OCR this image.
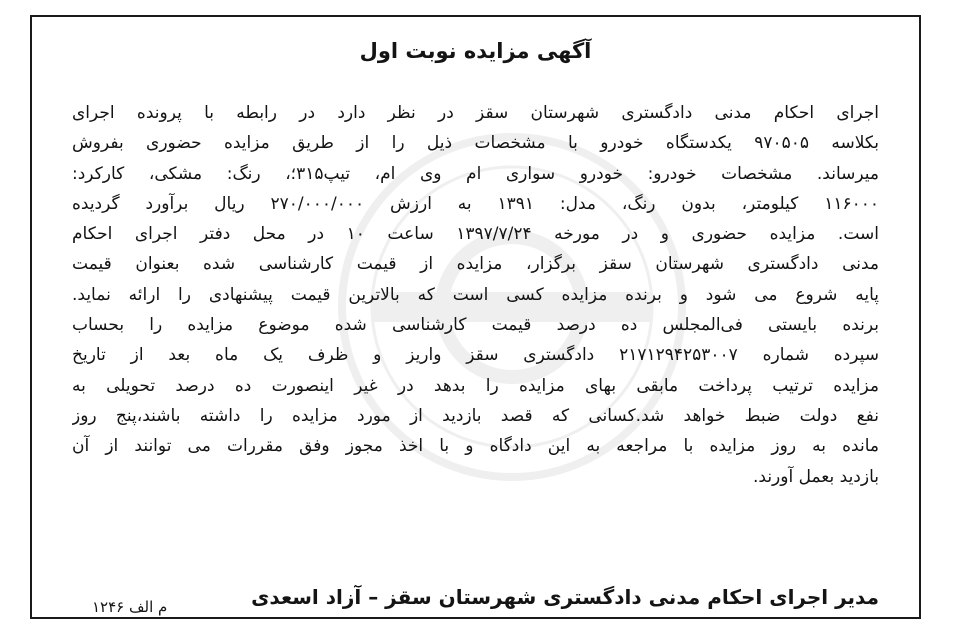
آگهی مزایده نوبت اول
اجرای احکام مدنی دادگستری شهرستان سقز در نظر دارد در رابطه با پرونده اجرای
بکلاسه ۹۷۰۵۰۵ یکدستگاه خودرو با مشخصات ذیل را از طریق مزایده حضوری بفروش
میرساند. مشخصات خودرو: خودرو سواری ام وی ام، تیپ۳۱۵؛، رنگ: مشکی، کارکرد:
۱۱۶۰۰۰ کیلومتر، بدون رنگ، مدل: ۱۳۹۱ به ارزش ۲۷۰/۰۰۰/۰۰۰ ریال برآورد گردیده
است. مزایده حضوری و در مورخه ۱۳۹۷/۷/۲۴ ساعت ۱۰ در محل دفتر اجرای احکام
مدنی دادگستری شهرستان سقز برگزار، مزایده از قیمت کارشناسی شده بعنوان قیمت
پایه شروع می شود و برنده مزایده کسی است که بالاترین قیمت پیشنهادی را ارائه نماید.
برنده بایستی فی‌المجلس ده درصد قیمت کارشناسی شده موضوع مزایده را بحساب
سپرده شماره ۲۱۷۱۲۹۴۲۵۳۰۰۷ دادگستری سقز واریز و ظرف یک ماه بعد از تاریخ
مزایده ترتیب پرداخت مابقی بهای مزایده را بدهد در غیر اینصورت ده درصد تحویلی به
نفع دولت ضبط خواهد شد.کسانی که قصد بازدید از مورد مزایده را داشته باشند،پنج روز
مانده به روز مزایده با مراجعه به این دادگاه و با اخذ مجوز وفق مقررات می توانند از آن
بازدید بعمل آورند.
مدیر اجرای احکام مدنی دادگستری شهرستان سقز – آزاد اسعدی
م الف ۱۲۴۶
